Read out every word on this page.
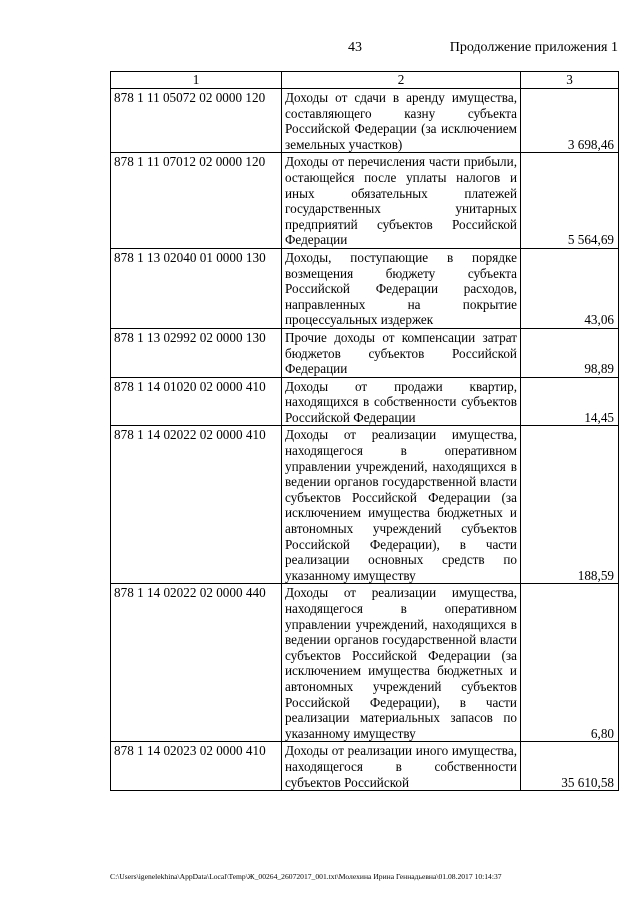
43	Продолжение приложения 1
1	2	3
878 1 11 05072 02 0000 120	Доходы от сдачи в аренду имущества, составляющего казну субъекта Российской Федерации (за исключением земельных участков)	3 698,46
878 1 11 07012 02 0000 120	Доходы от перечисления части прибыли, остающейся после уплаты налогов и иных обязательных платежей государственных унитарных предприятий субъектов Российской Федерации	5 564,69
878 1 13 02040 01 0000 130	Доходы, поступающие в порядке возмещения бюджету субъекта Российской Федерации расходов, направленных на покрытие процессуальных издержек	43,06
878 1 13 02992 02 0000 130	Прочие доходы от компенсации затрат бюджетов субъектов Российской Федерации	98,89
878 1 14 01020 02 0000 410	Доходы от продажи квартир, находящихся в собственности субъектов Российской Федерации	14,45
878 1 14 02022 02 0000 410	Доходы от реализации имущества, находящегося в оперативном управлении учреждений, находящихся в ведении органов государственной власти субъектов Российской Федерации (за исключением имущества бюджетных и автономных учреждений субъектов Российской Федерации), в части реализации основных средств по указанному имуществу	188,59
878 1 14 02022 02 0000 440	Доходы от реализации имущества, находящегося в оперативном управлении учреждений, находящихся в ведении органов государственной власти субъектов Российской Федерации (за исключением имущества бюджетных и автономных учреждений субъектов Российской Федерации), в части реализации материальных запасов по указанному имуществу	6,80
878 1 14 02023 02 0000 410	Доходы от реализации иного имущества, находящегося в собственности субъектов Российской	35 610,58
C:\Users\igenelekhina\AppData\Local\Temp\Ж_00264_26072017_001.txt\Молехина Ирина Геннадьевна\01.08.2017 10:14:37
